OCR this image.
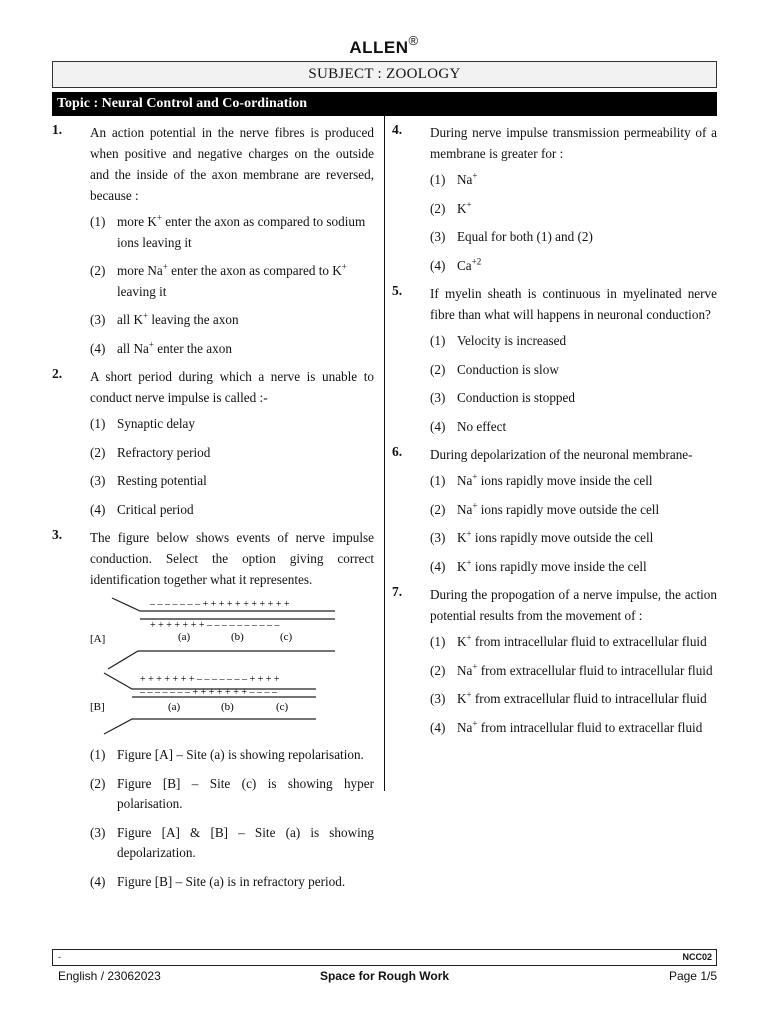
ALLEN®
SUBJECT : ZOOLOGY
Topic : Neural Control and Co-ordination
1. An action potential in the nerve fibres is produced when positive and negative charges on the outside and the inside of the axon membrane are reversed, because :
(1) more K+ enter the axon as compared to sodium ions leaving it
(2) more Na+ enter the axon as compared to K+ leaving it
(3) all K+ leaving the axon
(4) all Na+ enter the axon
2. A short period during which a nerve is unable to conduct nerve impulse is called :-
(1) Synaptic delay
(2) Refractory period
(3) Resting potential
(4) Critical period
3. The figure below shows events of nerve impulse conduction. Select the option giving correct identification together what it representes.
– – – – – – – + + + + + + + + + + +
+ + + + + + + – – – – – – – – – –
[A]	(a)	(b)	(c)
+ + + + + + + – – – – – – – + + + +
– – – – – – – + + + + + + + – – – –
[B]	(a)	(b)	(c)
(1) Figure [A] – Site (a) is showing repolarisation.
(2) Figure [B] – Site (c) is showing hyper polarisation.
(3) Figure [A] & [B] – Site (a) is showing depolarization.
(4) Figure [B] – Site (a) is in refractory period.
4. During nerve impulse transmission permeability of a membrane is greater for :
(1) Na+
(2) K+
(3) Equal for both (1) and (2)
(4) $Ca^{+2}$
5. If myelin sheath is continuous in myelinated nerve fibre than what will happens in neuronal conduction?
(1) Velocity is increased
(2) Conduction is slow
(3) Conduction is stopped
(4) No effect
6. During depolarization of the neuronal membrane-
(1) Na+ ions rapidly move inside the cell
(2) Na+ ions rapidly move outside the cell
(3) K+ ions rapidly move outside the cell
(4) K+ ions rapidly move inside the cell
7. During the propogation of a nerve impulse, the action potential results from the movement of :
(1) K+ from intracellular fluid to extracellular fluid
(2) Na+ from extracellular fluid to intracellular fluid
(3) K+ from extracellular fluid to intracellular fluid
(4) Na+ from intracellular fluid to extracellar fluid
-	NCC02
English / 23062023	Space for Rough Work	Page 1/5
